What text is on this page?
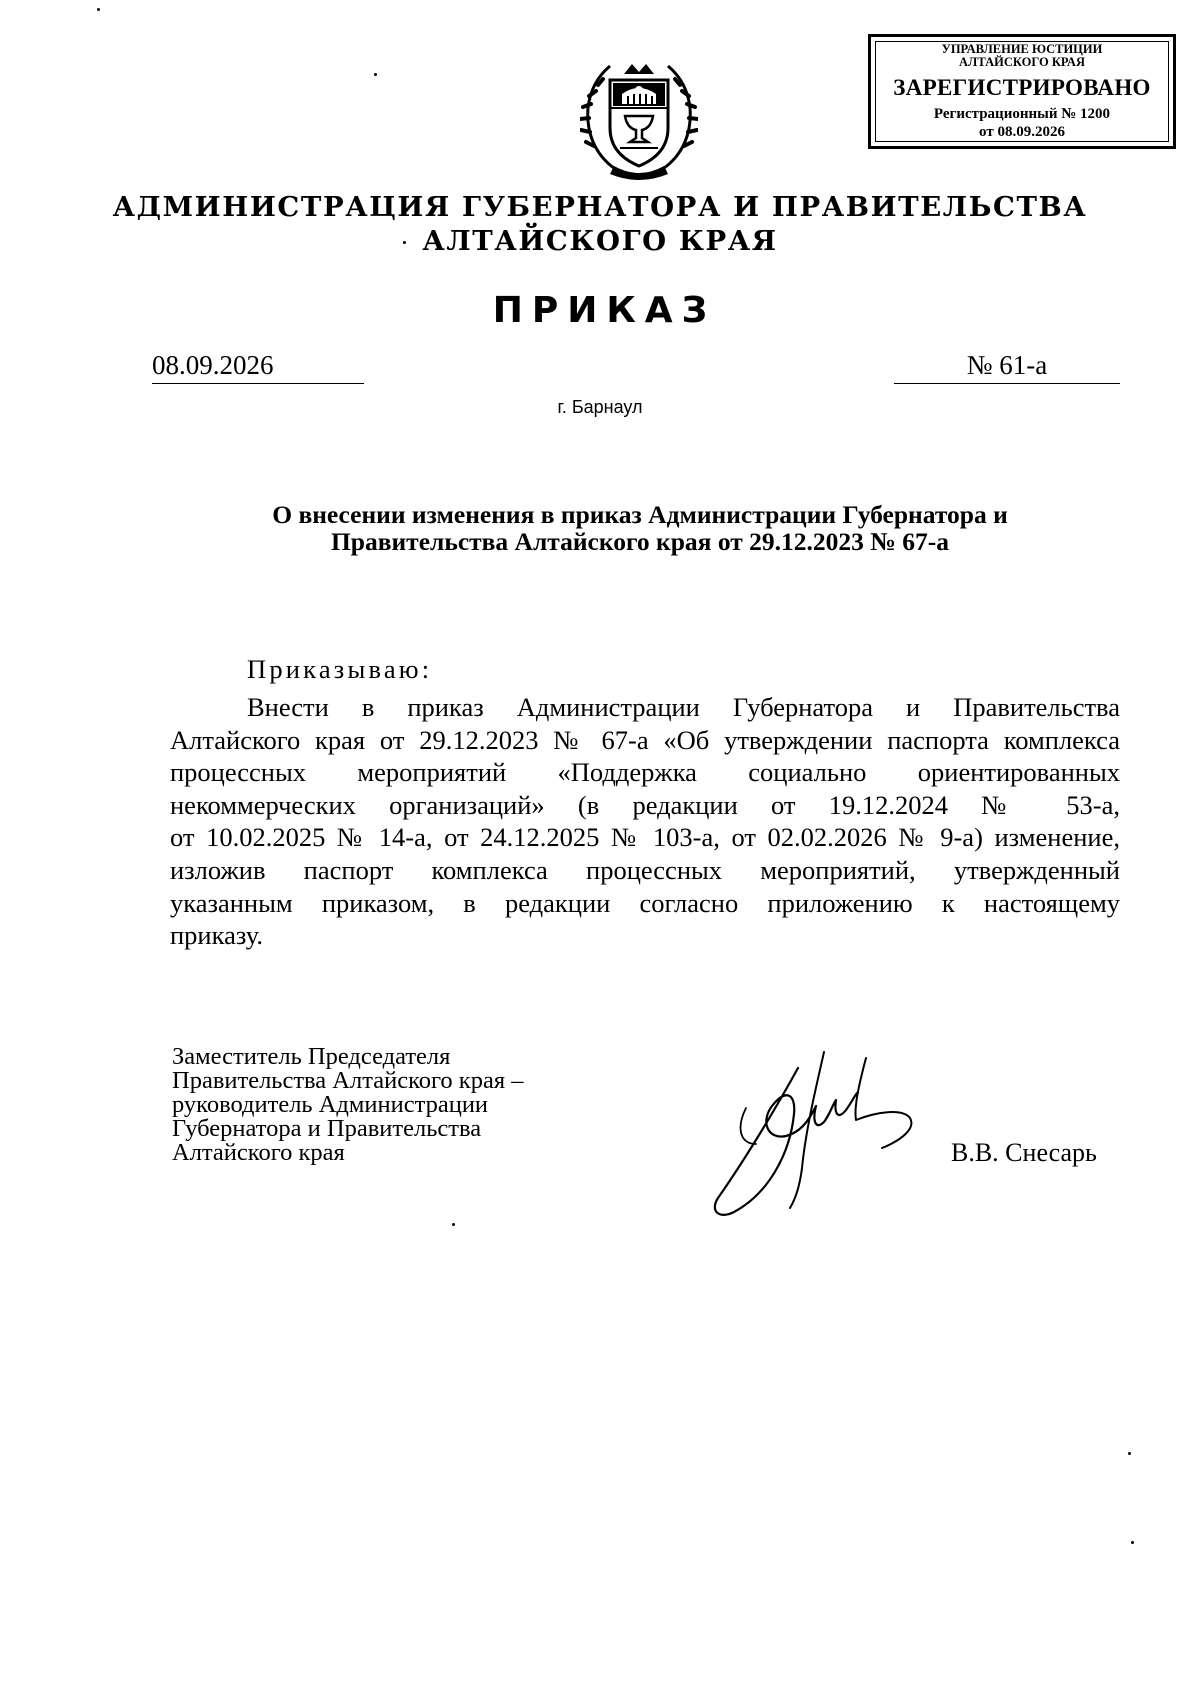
УПРАВЛЕНИЕ ЮСТИЦИИ
АЛТАЙСКОГО КРАЯ
ЗАРЕГИСТРИРОВАНО
Регистрационный № 1200
от 08.09.2026
АДМИНИСТРАЦИЯ ГУБЕРНАТОРА И ПРАВИТЕЛЬСТВА
АЛТАЙСКОГО КРАЯ
ПРИКАЗ
08.09.2026	№ 61-а
г. Барнаул
О внесении изменения в приказ Администрации Губернатора и
Правительства Алтайского края от 29.12.2023 № 67-а
Приказываю:
Внести в приказ Администрации Губернатора и Правительства
Алтайского края от 29.12.2023 № 67-а «Об утверждении паспорта комплекса
процессных мероприятий «Поддержка социально ориентированных
некоммерческих организаций» (в редакции от 19.12.2024 № 53-а,
от 10.02.2025 № 14-а, от 24.12.2025 № 103-а, от 02.02.2026 № 9-а) изменение,
изложив паспорт комплекса процессных мероприятий, утвержденный
указанным приказом, в редакции согласно приложению к настоящему
приказу.
Заместитель Председателя
Правительства Алтайского края –
руководитель Администрации
Губернатора и Правительства
Алтайского края	В.В. Снесарь
